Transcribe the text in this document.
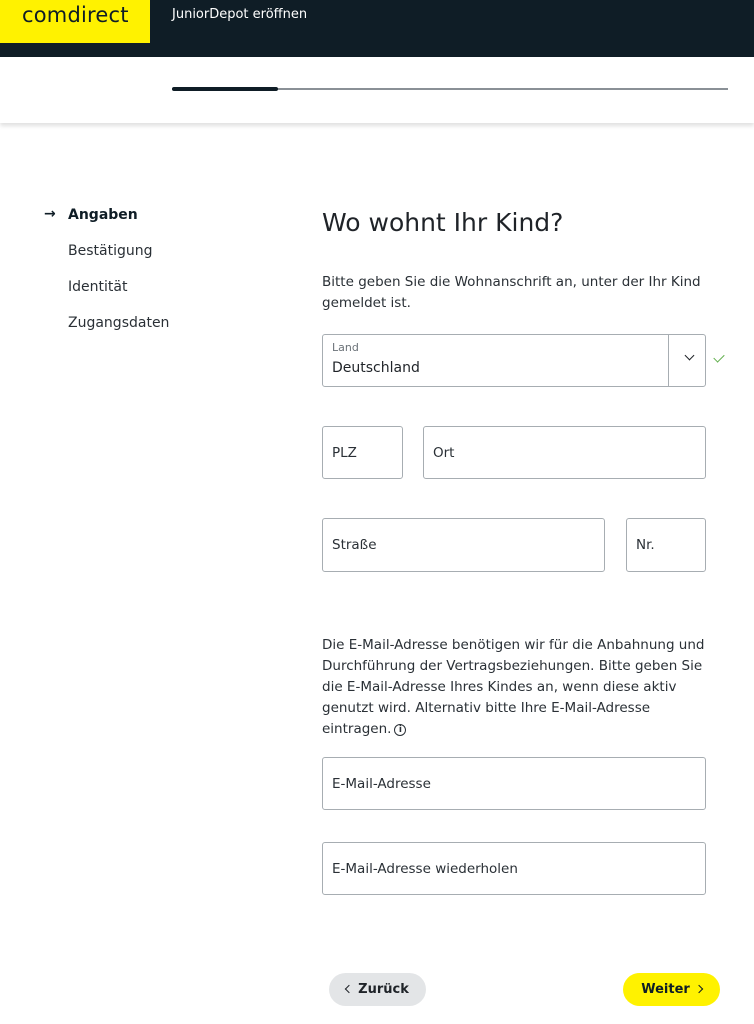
comdirect	JuniorDepot eröffnen
→ Angaben
Bestätigung
Identität
Zugangsdaten
Wo wohnt Ihr Kind?

Bitte geben Sie die Wohnanschrift an, unter der Ihr Kind gemeldet ist.

Land
Deutschland
PLZ	Ort
Straße	Nr.

Die E-Mail-Adresse benötigen wir für die Anbahnung und Durchführung der Vertragsbeziehungen. Bitte geben Sie die E-Mail-Adresse Ihres Kindes an, wenn diese aktiv genutzt wird. Alternativ bitte Ihre E-Mail-Adresse eintragen. i

E-Mail-Adresse
E-Mail-Adresse wiederholen
Zurück	Weiter
